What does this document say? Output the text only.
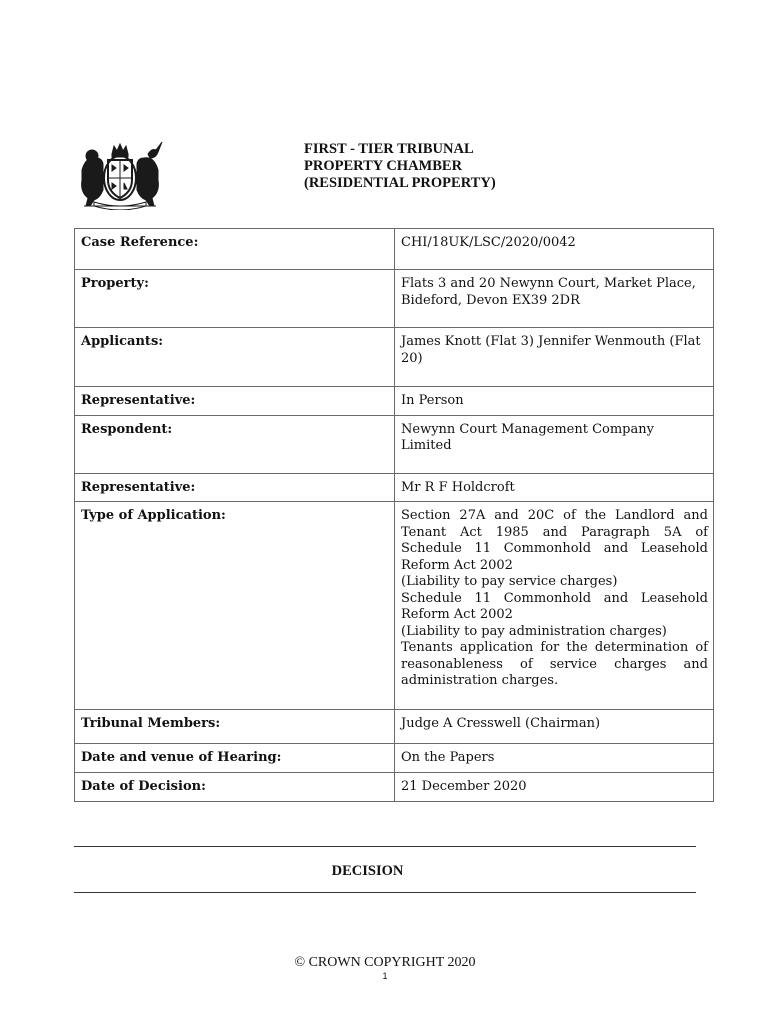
FIRST - TIER TRIBUNAL
PROPERTY CHAMBER
(RESIDENTIAL PROPERTY)
Case Reference:	CHI/18UK/LSC/2020/0042
Property:	Flats 3 and 20 Newynn Court, Market Place, Bideford, Devon EX39 2DR
Applicants:	James Knott (Flat 3) Jennifer Wenmouth (Flat 20)
Representative:	In Person
Respondent:	Newynn Court Management Company Limited
Representative:	Mr R F Holdcroft
Type of Application:	Section 27A and 20C of the Landlord and Tenant Act 1985 and Paragraph 5A of Schedule 11 Commonhold and Leasehold Reform Act 2002
(Liability to pay service charges)
Schedule 11 Commonhold and Leasehold Reform Act 2002
(Liability to pay administration charges)
Tenants application for the determination of reasonableness of service charges and administration charges.

Tribunal Members:	Judge A Cresswell (Chairman)
Date and venue of Hearing:	On the Papers
Date of Decision:	21 December 2020
DECISION
© CROWN COPYRIGHT 2020
1
